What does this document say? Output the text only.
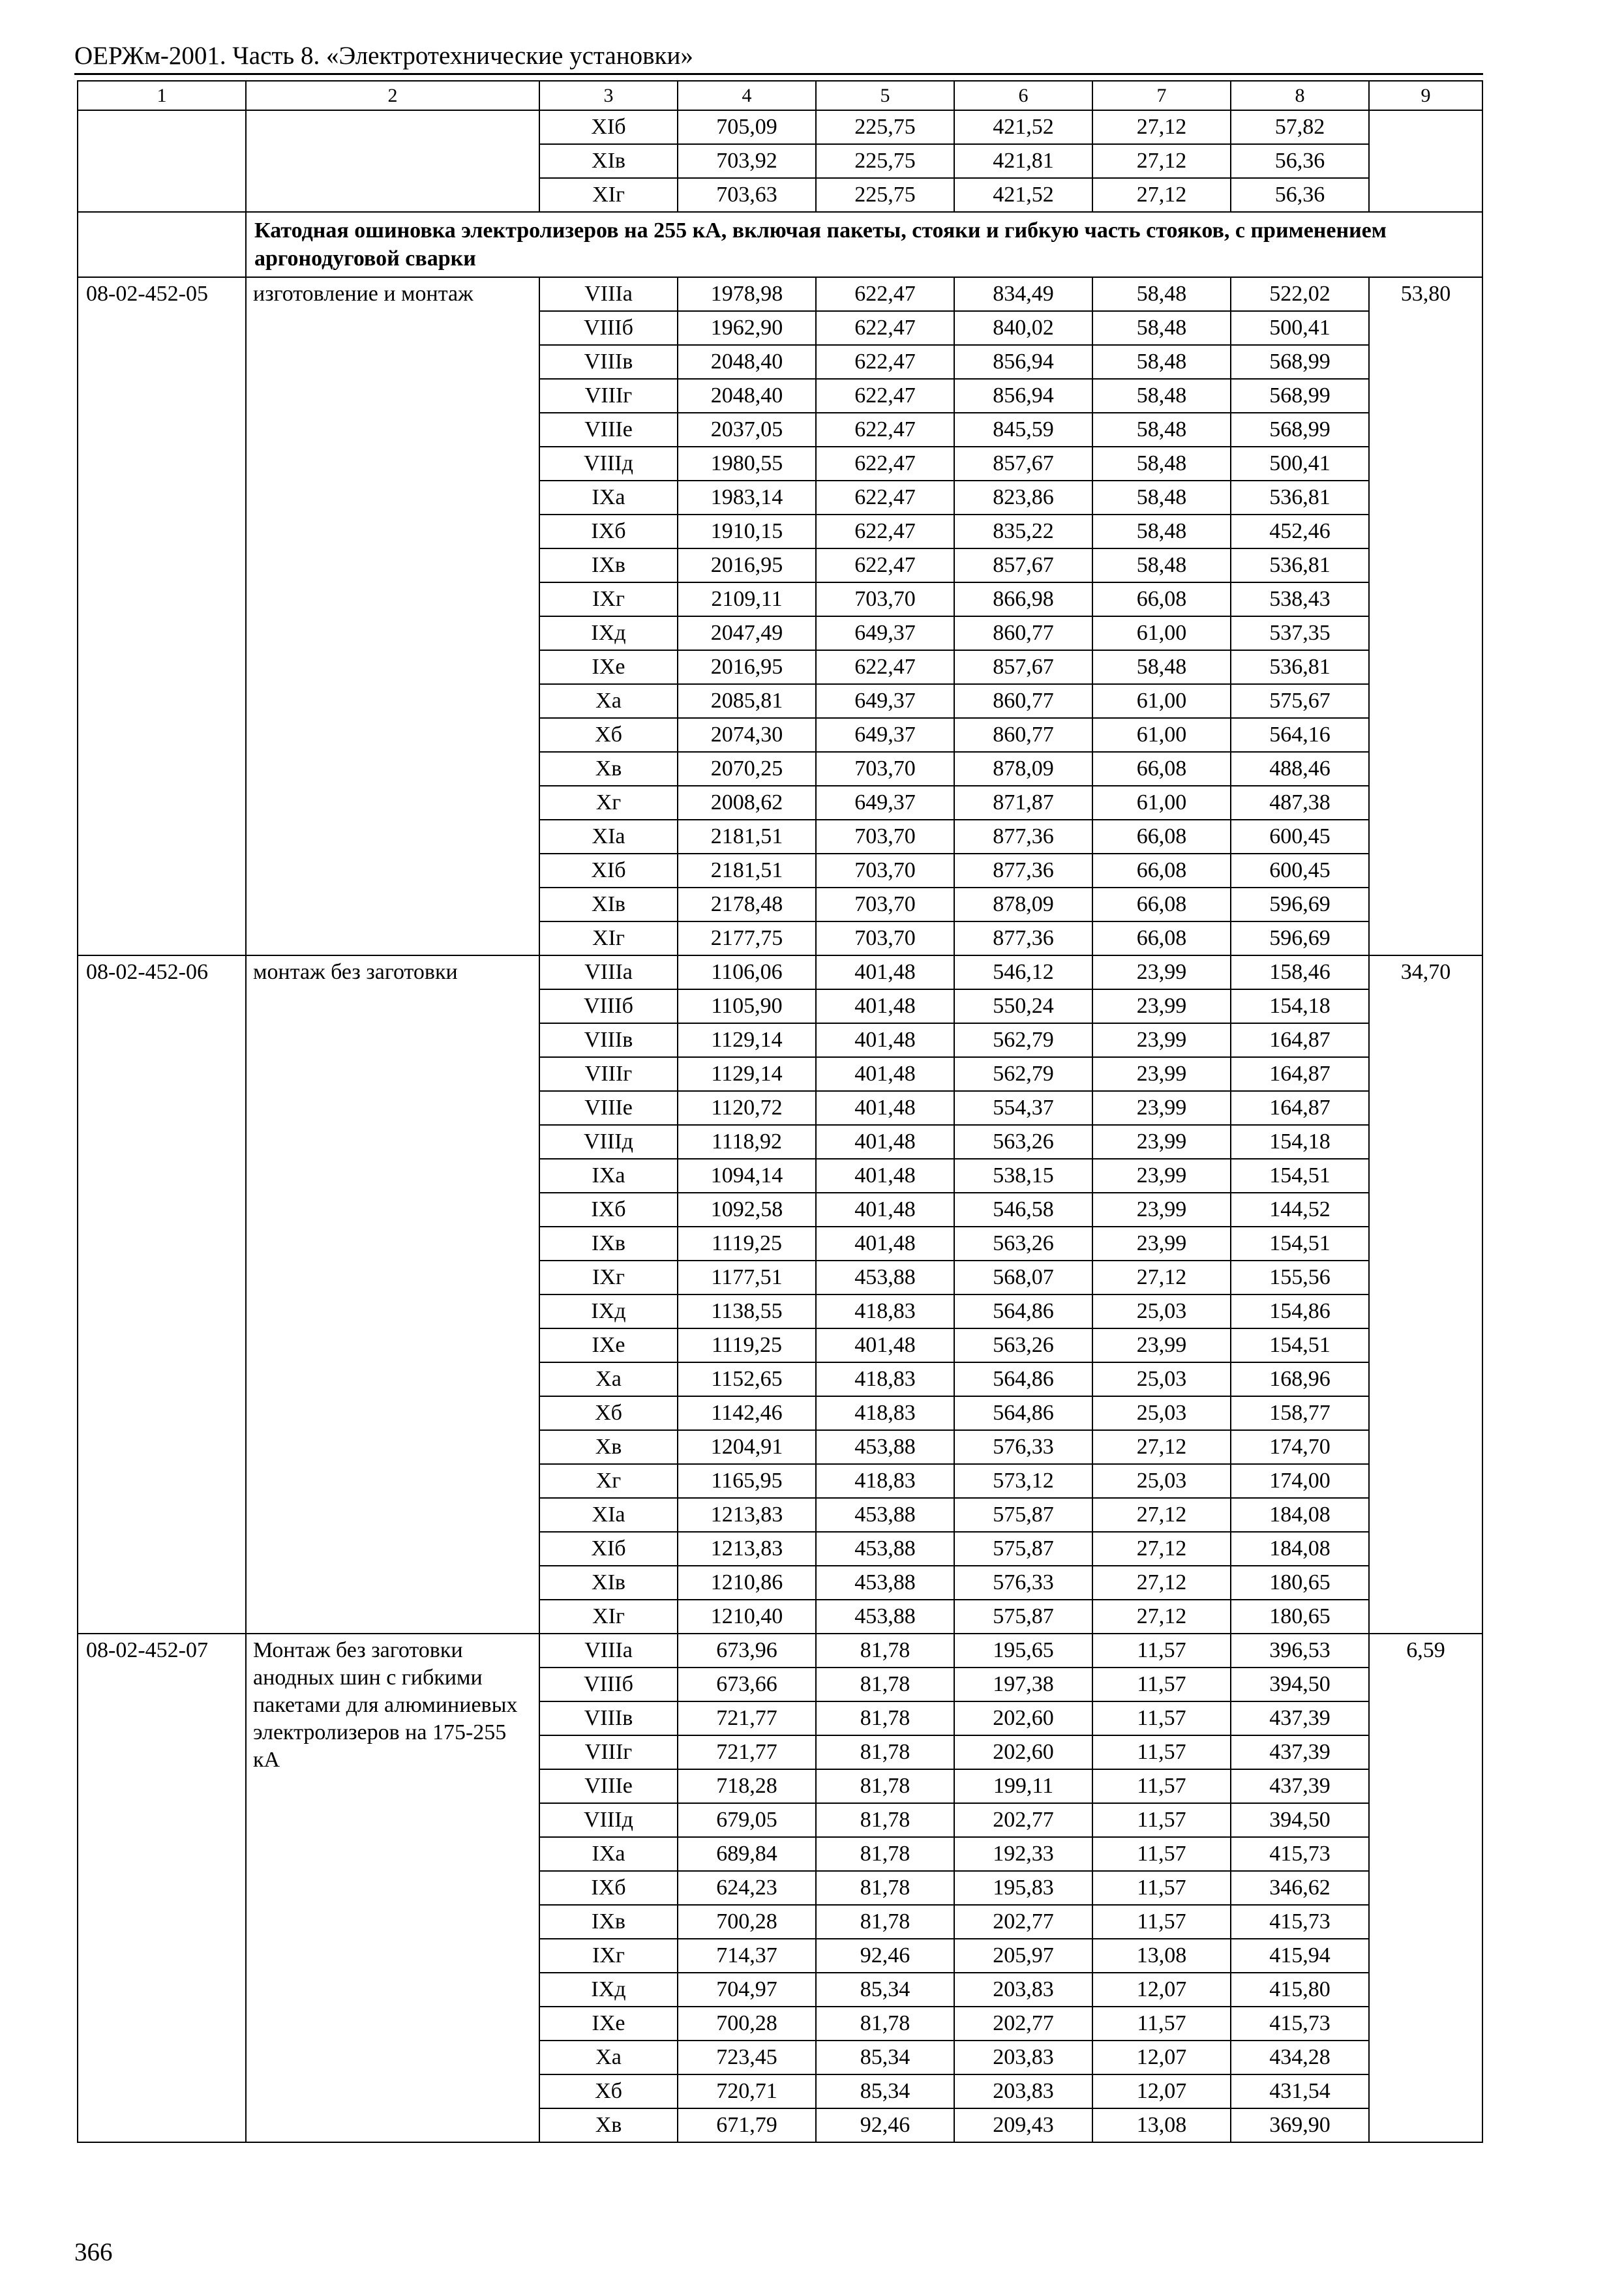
ОЕРЖм-2001. Часть 8. «Электротехнические установки»
1	2	3	4	5	6	7	8	9
		XIб	705,09	225,75	421,52	27,12	57,82	
		XIв	703,92	225,75	421,81	27,12	56,36	
		XIг	703,63	225,75	421,52	27,12	56,36	
	Катодная ошиновка электролизеров на 255 кА, включая пакеты, стояки и гибкую часть стояков, с применением аргонодуговой сварки							
08-02-452-05	изготовление и монтаж	VIIIа	1978,98	622,47	834,49	58,48	522,02	53,80
		VIIIб	1962,90	622,47	840,02	58,48	500,41	
		VIIIв	2048,40	622,47	856,94	58,48	568,99	
		VIIIг	2048,40	622,47	856,94	58,48	568,99	
		VIIIе	2037,05	622,47	845,59	58,48	568,99	
		VIIIд	1980,55	622,47	857,67	58,48	500,41	
		IXа	1983,14	622,47	823,86	58,48	536,81	
		IXб	1910,15	622,47	835,22	58,48	452,46	
		IXв	2016,95	622,47	857,67	58,48	536,81	
		IXг	2109,11	703,70	866,98	66,08	538,43	
		IXд	2047,49	649,37	860,77	61,00	537,35	
		IXе	2016,95	622,47	857,67	58,48	536,81	
		Xа	2085,81	649,37	860,77	61,00	575,67	
		Xб	2074,30	649,37	860,77	61,00	564,16	
		Xв	2070,25	703,70	878,09	66,08	488,46	
		Xг	2008,62	649,37	871,87	61,00	487,38	
		XIа	2181,51	703,70	877,36	66,08	600,45	
		XIб	2181,51	703,70	877,36	66,08	600,45	
		XIв	2178,48	703,70	878,09	66,08	596,69	
		XIг	2177,75	703,70	877,36	66,08	596,69	
08-02-452-06	монтаж без заготовки	VIIIа	1106,06	401,48	546,12	23,99	158,46	34,70
		VIIIб	1105,90	401,48	550,24	23,99	154,18	
		VIIIв	1129,14	401,48	562,79	23,99	164,87	
		VIIIг	1129,14	401,48	562,79	23,99	164,87	
		VIIIе	1120,72	401,48	554,37	23,99	164,87	
		VIIIд	1118,92	401,48	563,26	23,99	154,18	
		IXа	1094,14	401,48	538,15	23,99	154,51	
		IXб	1092,58	401,48	546,58	23,99	144,52	
		IXв	1119,25	401,48	563,26	23,99	154,51	
		IXг	1177,51	453,88	568,07	27,12	155,56	
		IXд	1138,55	418,83	564,86	25,03	154,86	
		IXе	1119,25	401,48	563,26	23,99	154,51	
		Xа	1152,65	418,83	564,86	25,03	168,96	
		Xб	1142,46	418,83	564,86	25,03	158,77	
		Xв	1204,91	453,88	576,33	27,12	174,70	
		Xг	1165,95	418,83	573,12	25,03	174,00	
		XIа	1213,83	453,88	575,87	27,12	184,08	
		XIб	1213,83	453,88	575,87	27,12	184,08	
		XIв	1210,86	453,88	576,33	27,12	180,65	
		XIг	1210,40	453,88	575,87	27,12	180,65	
08-02-452-07	Монтаж без заготовки анодных шин с гибкими пакетами для алюминиевых электролизеров на 175-255 кА	VIIIа	673,96	81,78	195,65	11,57	396,53	6,59
		VIIIб	673,66	81,78	197,38	11,57	394,50	
		VIIIв	721,77	81,78	202,60	11,57	437,39	
		VIIIг	721,77	81,78	202,60	11,57	437,39	
		VIIIе	718,28	81,78	199,11	11,57	437,39	
		VIIIд	679,05	81,78	202,77	11,57	394,50	
		IXа	689,84	81,78	192,33	11,57	415,73	
		IXб	624,23	81,78	195,83	11,57	346,62	
		IXв	700,28	81,78	202,77	11,57	415,73	
		IXг	714,37	92,46	205,97	13,08	415,94	
		IXд	704,97	85,34	203,83	12,07	415,80	
		IXе	700,28	81,78	202,77	11,57	415,73	
		Xа	723,45	85,34	203,83	12,07	434,28	
		Xб	720,71	85,34	203,83	12,07	431,54	
		Xв	671,79	92,46	209,43	13,08	369,90	
366
